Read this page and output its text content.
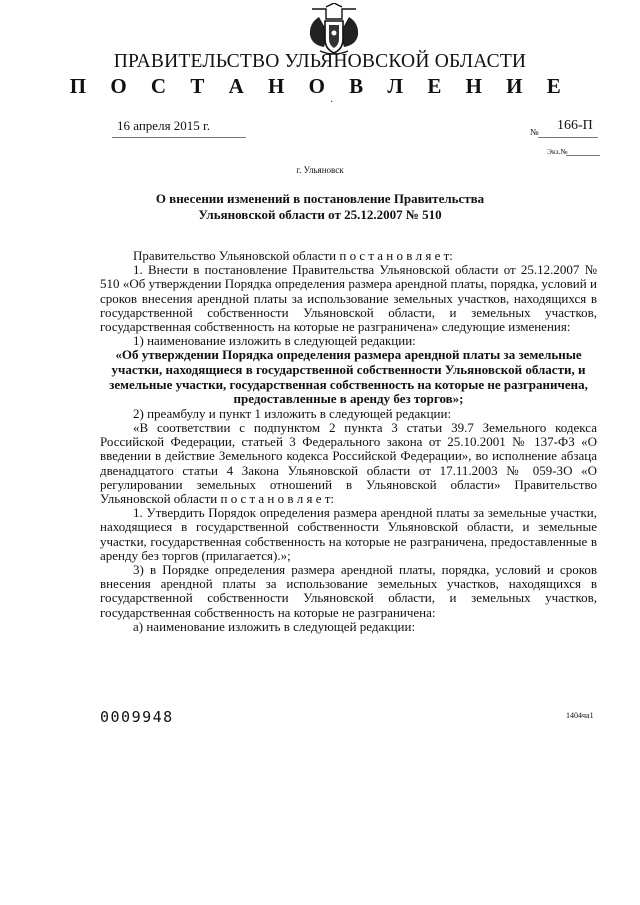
ПРАВИТЕЛЬСТВО УЛЬЯНОВСКОЙ ОБЛАСТИ
П О С Т А Н О В Л Е Н И Е
·
16 апреля 2015 г.	№ 166-П
Экз.№
г. Ульяновск
О внесении изменений в постановление Правительства Ульяновской области от 25.12.2007 № 510

Правительство Ульяновской области п о с т а н о в л я е т:

1. Внести в постановление Правительства Ульяновской области от 25.12.2007 № 510 «Об утверждении Порядка определения размера арендной платы, порядка, условий и сроков внесения арендной платы за использование земельных участков, находящихся в государственной собственности Ульяновской области, и земельных участков, государственная собственность на которые не разграничена» следующие изменения:

1) наименование изложить в следующей редакции:

«Об утверждении Порядка определения размера арендной платы за земельные участки, находящиеся в государственной собственности Ульяновской области, и земельные участки, государственная собственность на которые не разграничена, предоставленные в аренду без торгов»;

2) преамбулу и пункт 1 изложить в следующей редакции:

«В соответствии с подпунктом 2 пункта 3 статьи 39.7 Земельного кодекса Российской Федерации, статьей 3 Федерального закона от 25.10.2001 № 137-ФЗ «О введении в действие Земельного кодекса Российской Федерации», во исполнение абзаца двенадцатого статьи 4 Закона Ульяновской области от 17.11.2003 № 059-ЗО «О регулировании земельных отношений в Ульяновской области» Правительство Ульяновской области п о с т а н о в л я е т:

1. Утвердить Порядок определения размера арендной платы за земельные участки, находящиеся в государственной собственности Ульяновской области, и земельные участки, государственная собственность на которые не разграничена, предоставленные в аренду без торгов (прилагается).»;

3) в Порядке определения размера арендной платы, порядка, условий и сроков внесения арендной платы за использование земельных участков, находящихся в государственной собственности Ульяновской области, и земельных участков, государственная собственность на которые не разграничена:

а) наименование изложить в следующей редакции:

0009948	1404ча1
